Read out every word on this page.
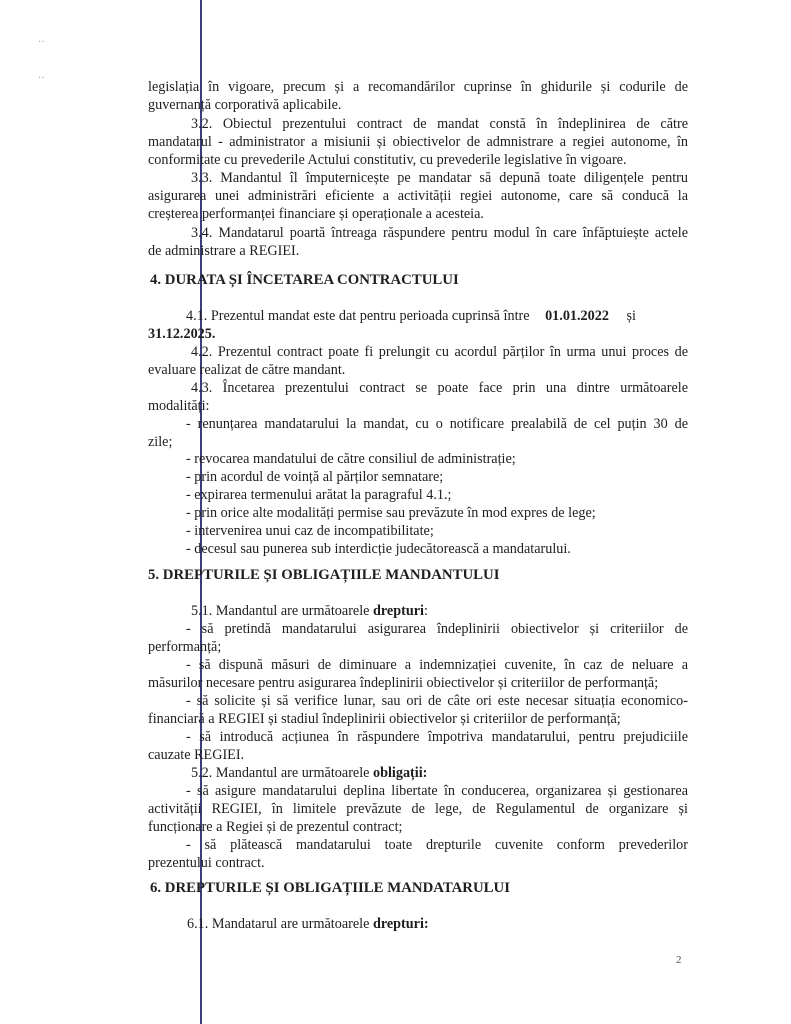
‥
‥

legislația în vigoare, precum și a recomandărilor cuprinse în ghidurile și codurile de

guvernanță corporativă aplicabile.

3.2. Obiectul prezentului contract de mandat constă în îndeplinirea de către

mandatarul - administrator a misiunii și obiectivelor de admnistrare a regiei autonome, în

conformitate cu prevederile Actului constitutiv, cu prevederile legislative în vigoare.

3.3. Mandantul îl împuternicește pe mandatar să depună toate diligențele pentru

asigurarea unei administrări eficiente a activității regiei autonome, care să conducă la

creșterea performanței financiare și operaționale a acesteia.

3.4. Mandatarul poartă întreaga răspundere pentru modul în care înfăptuiește actele

de administrare a REGIEI.

4. DURATA ȘI ÎNCETAREA CONTRACTULUI

4.1. Prezentul mandat este dat pentru perioada cuprinsă între 01.01.2022 și

31.12.2025.

4.2. Prezentul contract poate fi prelungit cu acordul părților în urma unui proces de

evaluare realizat de către mandant.

4.3. Încetarea prezentului contract se poate face prin una dintre următoarele

modalități:

- renunțarea mandatarului la mandat, cu o notificare prealabilă de cel puțin 30 de

zile;

- revocarea mandatului de către consiliul de administrație;

- prin acordul de voință al părților semnatare;

- expirarea termenului arătat la paragraful 4.1.;

- prin orice alte modalități permise sau prevăzute în mod expres de lege;

- intervenirea unui caz de incompatibilitate;

- decesul sau punerea sub interdicție judecătorească a mandatarului.

5. DREPTURILE ȘI OBLIGAȚIILE MANDANTULUI

5.1. Mandantul are următoarele drepturi:

- să pretindă mandatarului asigurarea îndeplinirii obiectivelor și criteriilor de

performanță;

- să dispună măsuri de diminuare a indemnizației cuvenite, în caz de neluare a

măsurilor necesare pentru asigurarea îndeplinirii obiectivelor și criteriilor de performanță;

- să solicite și să verifice lunar, sau ori de câte ori este necesar situația economico-

financiară a REGIEI și stadiul îndeplinirii obiectivelor și criteriilor de performanță;

- să introducă acțiunea în răspundere împotriva mandatarului, pentru prejudiciile

cauzate REGIEI.

5.2. Mandantul are următoarele obligații:

- să asigure mandatarului deplina libertate în conducerea, organizarea și gestionarea

activității REGIEI, în limitele prevăzute de lege, de Regulamentul de organizare și

funcționare a Regiei și de prezentul contract;

- să plătească mandatarului toate drepturile cuvenite conform prevederilor

prezentului contract.

6. DREPTURILE ȘI OBLIGAȚIILE MANDATARULUI

6.1. Mandatarul are următoarele drepturi:

2
